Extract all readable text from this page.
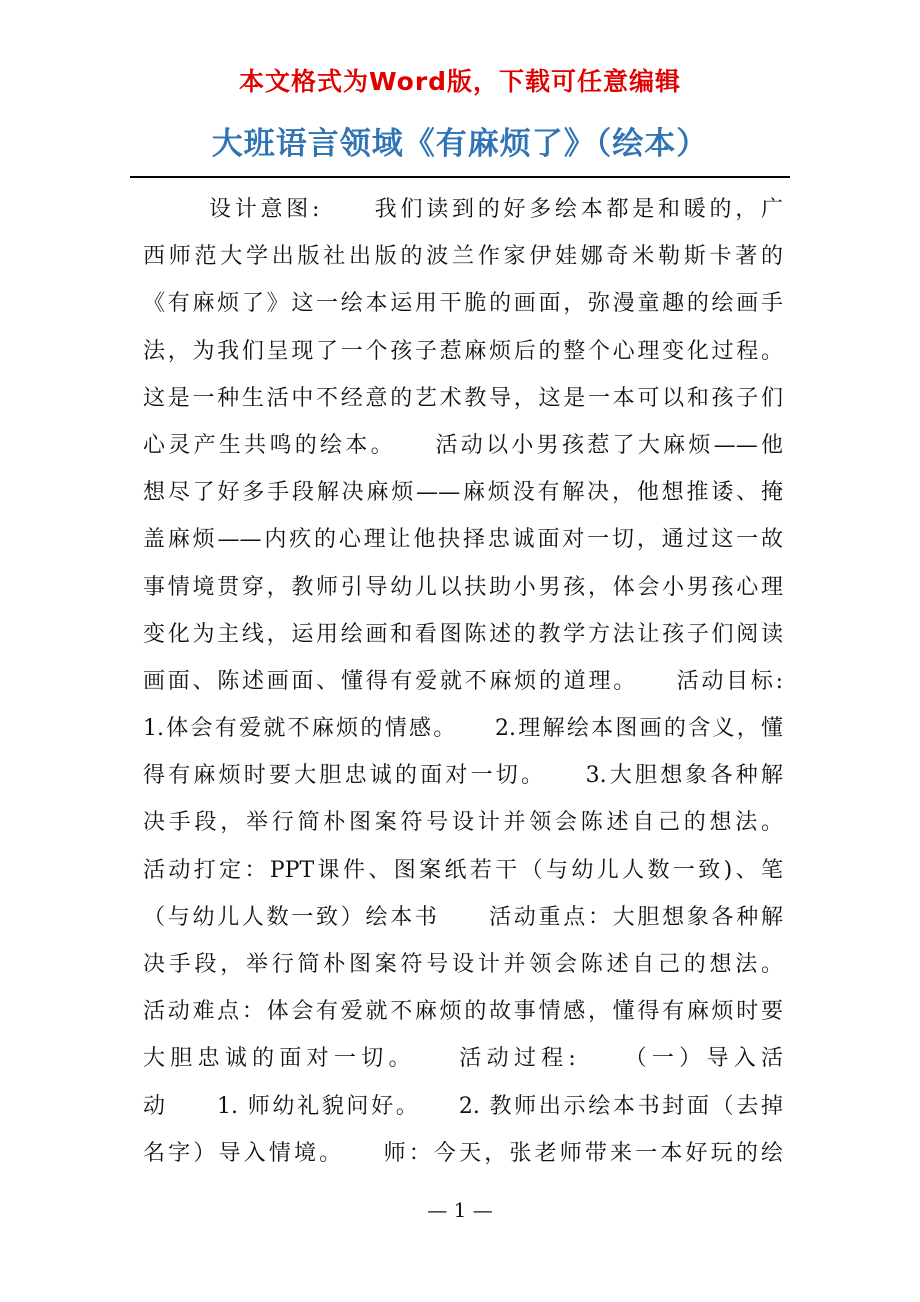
本文格式为Word版，下载可任意编辑
大班语言领域《有麻烦了》（绘本）
设计意图:　　我们读到的好多绘本都是和暖的，广
西师范大学出版社出版的波兰作家伊娃娜奇米勒斯卡著的
《有麻烦了》这一绘本运用干脆的画面，弥漫童趣的绘画手
法，为我们呈现了一个孩子惹麻烦后的整个心理变化过程。
这是一种生活中不经意的艺术教导，这是一本可以和孩子们
心灵产生共鸣的绘本。　　活动以小男孩惹了大麻烦——他
想尽了好多手段解决麻烦——麻烦没有解决，他想推诿、掩
盖麻烦——内疚的心理让他抉择忠诚面对一切，通过这一故
事情境贯穿，教师引导幼儿以扶助小男孩，体会小男孩心理
变化为主线，运用绘画和看图陈述的教学方法让孩子们阅读
画面、陈述画面、懂得有爱就不麻烦的道理。　　活动目标:
1.体会有爱就不麻烦的情感。　　2.理解绘本图画的含义，懂
得有麻烦时要大胆忠诚的面对一切。　　3.大胆想象各种解
决手段，举行简朴图案符号设计并领会陈述自己的想法。
活动打定：PPT课件、图案纸若干（与幼儿人数一致)、笔
（与幼儿人数一致）绘本书　　活动重点：大胆想象各种解
决手段，举行简朴图案符号设计并领会陈述自己的想法。
活动难点：体会有爱就不麻烦的故事情感，懂得有麻烦时要
大胆忠诚的面对一切。　　活动过程:　　（一）导入活
动　　1. 师幼礼貌问好。　　2. 教师出示绘本书封面（去掉
名字）导入情境。　　师：今天，张老师带来一本好玩的绘
— 1 —
